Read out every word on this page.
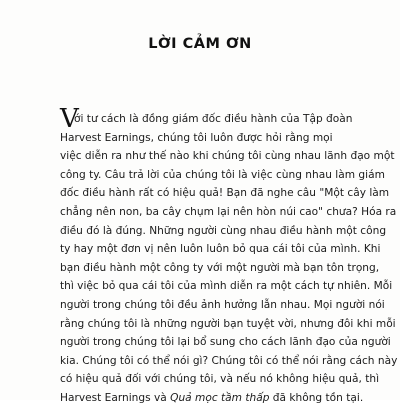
LỜI CẢM ƠN
V
ới tư cách là đồng giám đốc điều hành của Tập đoàn
Harvest Earnings, chúng tôi luôn được hỏi rằng mọi
việc diễn ra như thế nào khi chúng tôi cùng nhau lãnh đạo một
công ty. Câu trả lời của chúng tôi là việc cùng nhau làm giám
đốc điều hành rất có hiệu quả! Bạn đã nghe câu "Một cây làm
chẳng nên non, ba cây chụm lại nên hòn núi cao" chưa? Hóa ra
điều đó là đúng. Những người cùng nhau điều hành một công
ty hay một đơn vị nên luôn luôn bỏ qua cái tôi của mình. Khi
bạn điều hành một công ty với một người mà bạn tôn trọng,
thì việc bỏ qua cái tôi của mình diễn ra một cách tự nhiên. Mỗi
người trong chúng tôi đều ảnh hưởng lẫn nhau. Mọi người nói
rằng chúng tôi là những người bạn tuyệt vời, nhưng đôi khi mỗi
người trong chúng tôi lại bổ sung cho cách lãnh đạo của người
kia. Chúng tôi có thể nói gì? Chúng tôi có thể nói rằng cách này
có hiệu quả đối với chúng tôi, và nếu nó không hiệu quả, thì
Harvest Earnings và Quả mọc tầm thấp đã không tồn tại.
